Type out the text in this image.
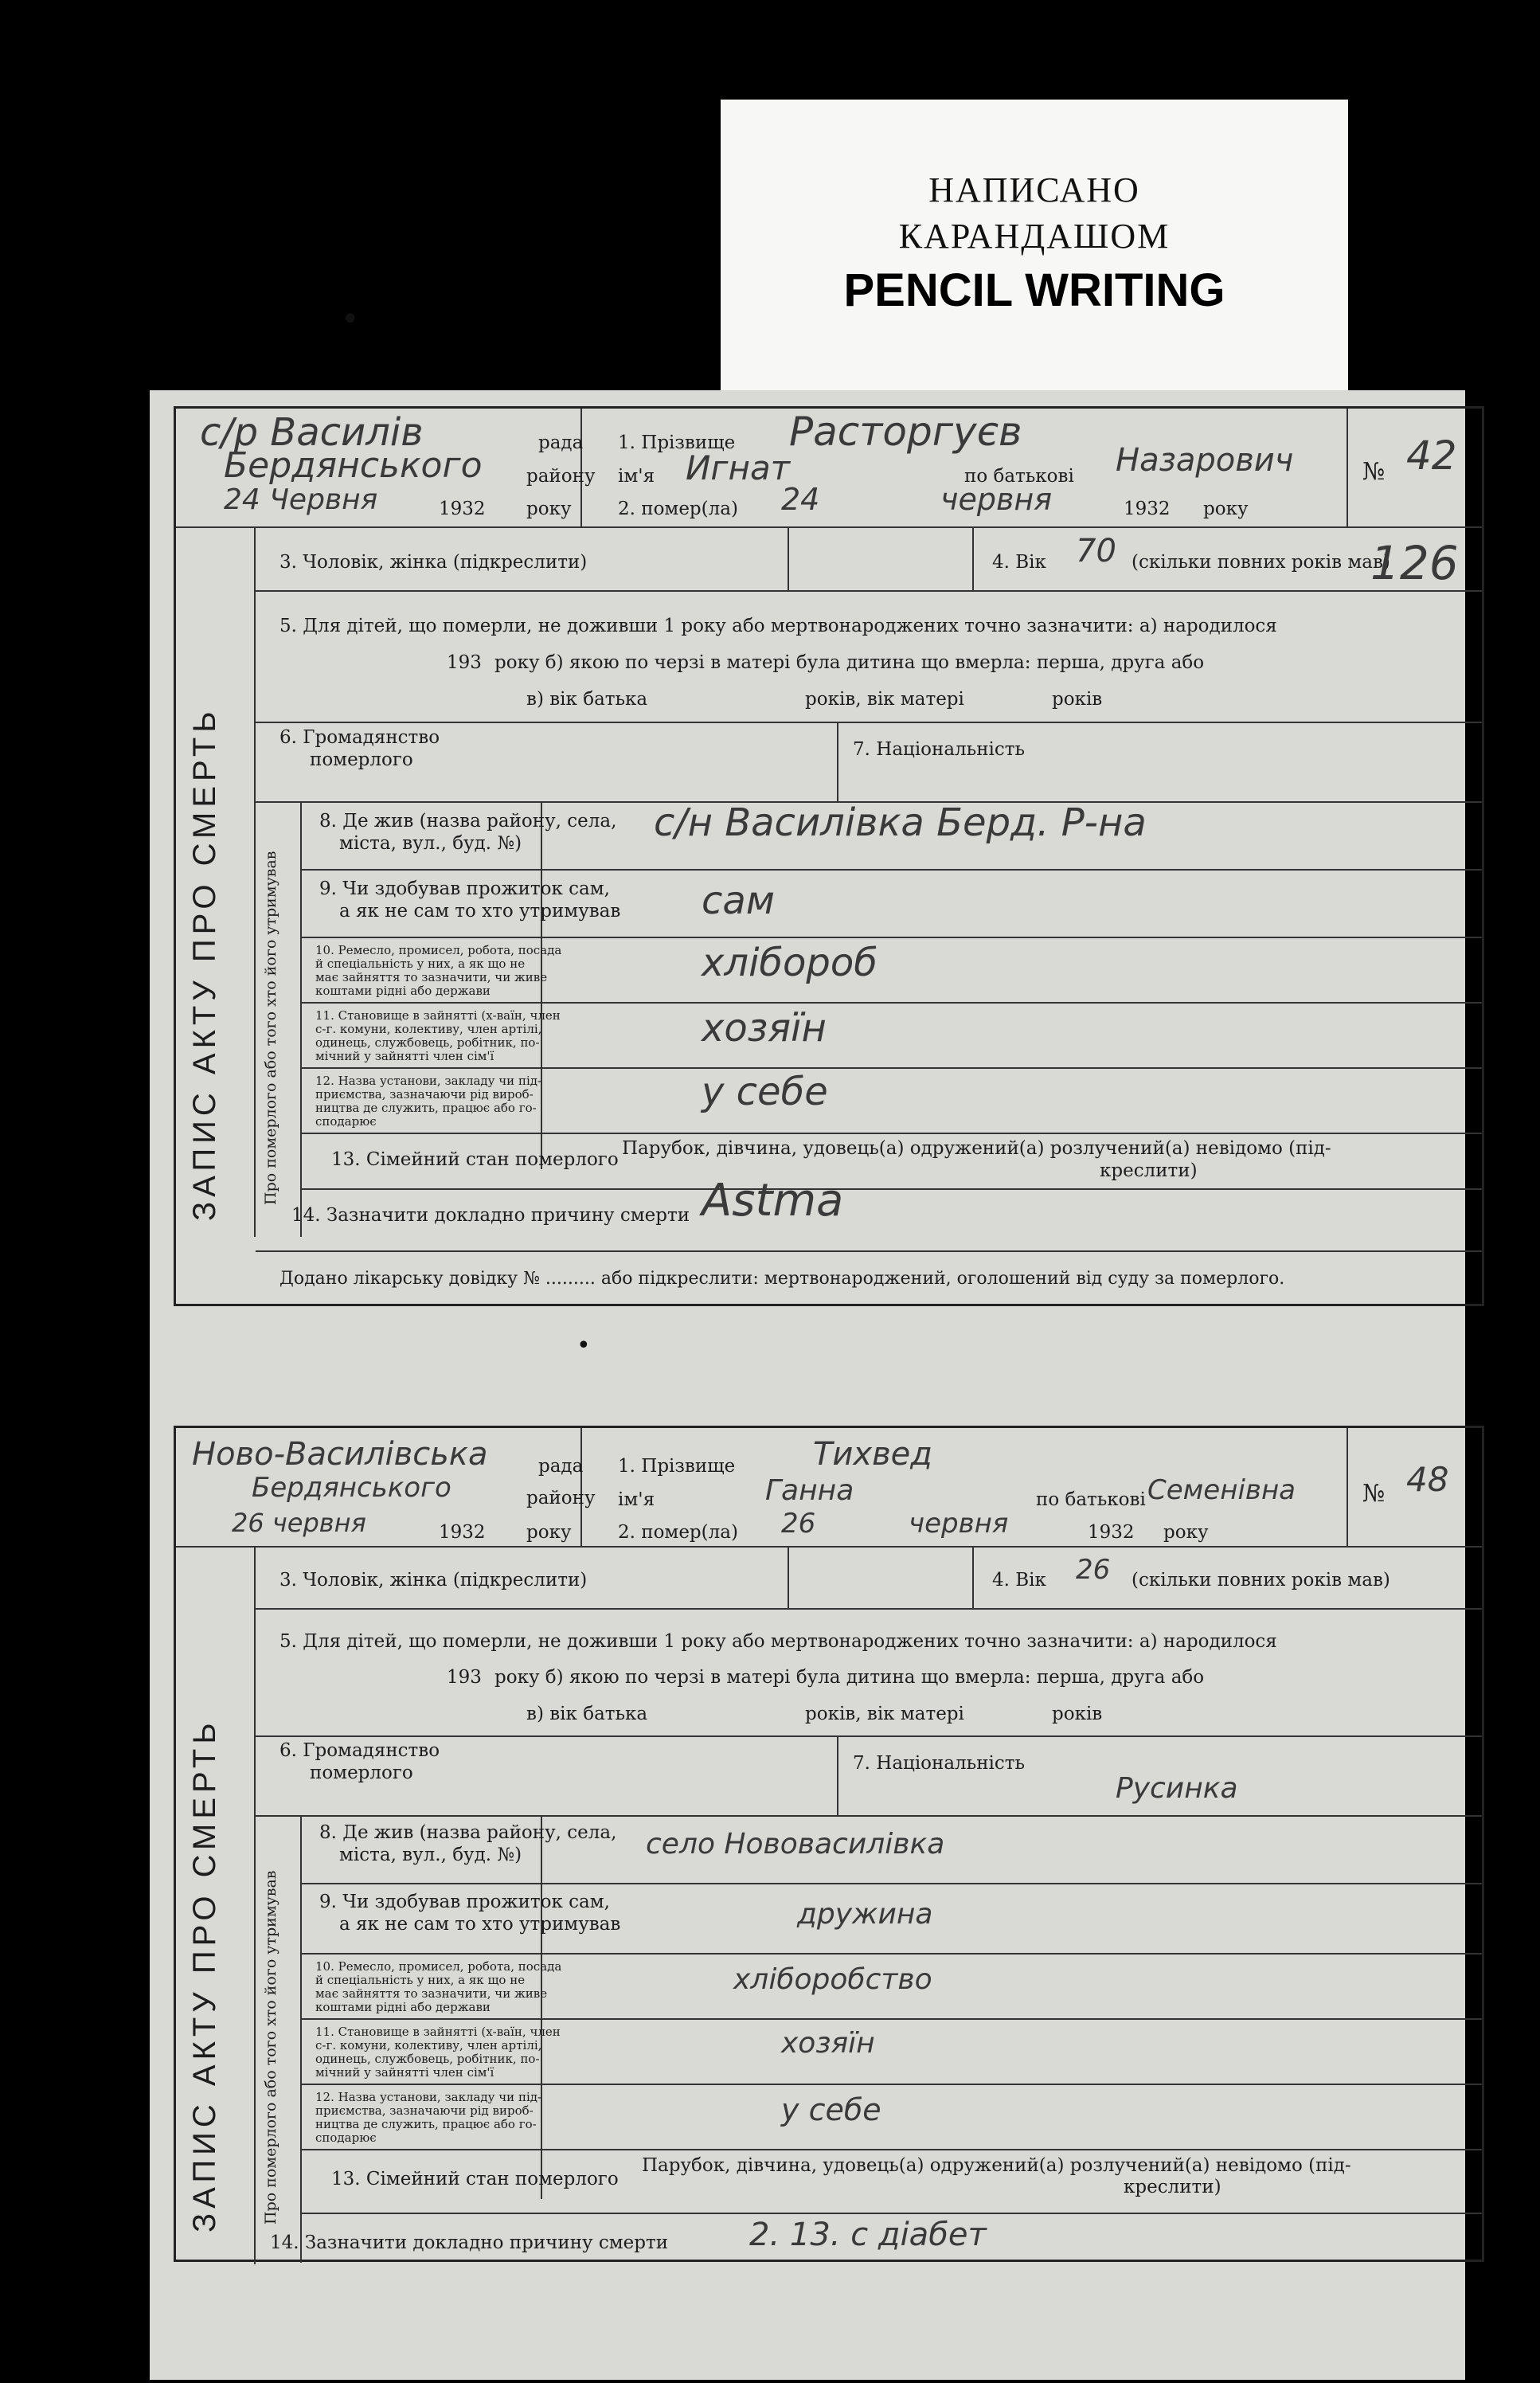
НАПИСАНО
КАРАНДАШОМ
PENCIL WRITING
•
с/р Василів	рада
Бердянського району
24 Червня	1932 року
1. Прізвище Расторгуєв
ім'я Игнат	по батькові Назарович
2. помер(ла) 24	червня	1932 року
№ 42
3. Чоловік, жінка (підкреслити)	4. Вік 70 (скільки повних років мав)
126
5. Для дітей, що померли, не доживши 1 року або мертвонароджених точно зазначити: а) народилося
193 року б) якою по черзі в матері була дитина що вмерла: перша, друга або
в) вік батька	років, вік матері	років
6. Громадянство
померлого	7. Національність
ЗАПИС АКТУ ПРО СМЕРТЬ	Про померлого або того хто його утримував
8. Де жив (назва району, села,
міста, вул., буд. №)	с/н Василівка Берд. Р-на
9. Чи здобував прожиток сам,
а як не сам то хто утримував сам
10. Ремесло, промисел, робота, посада
й спеціальність у них, а як що не
має зайняття то зазначити, чи живе
коштами рідні або держави
хлібороб
11. Становище в зайнятті (х-ваїн, член
с-г. комуни, колективу, член артілі,
одинець, службовець, робітник, по-
мічний у зайнятті член сім'ї
хозяїн
12. Назва установи, закладу чи під-
приємства, зазначаючи рід вироб-
ництва де служить, працює або го-
сподарює
у себе
13. Сімейний стан померлого
Парубок, дівчина, удовець(а) одружений(а) розлучений(а) невідомо (під-
креслити)
14. Зазначити докладно причину смерти Astma
Додано лікарську довідку № ......... або підкреслити: мертвонароджений, оголошений від суду за померлого.
•
Ново-Василівська	рада
Бердянського	району
26 червня	1932 року
1. Прізвище Тихвед
ім'я	Ганна	по батькові Семенівна
2. помер(ла) 26	червня	1932 року
№ 48
3. Чоловік, жінка (підкреслити)	4. Вік 26 (скільки повних років мав)
5. Для дітей, що померли, не доживши 1 року або мертвонароджених точно зазначити: а) народилося
193 року б) якою по черзі в матері була дитина що вмерла: перша, друга або
в) вік батька	років, вік матері	років
6. Громадянство
померлого	7. Національність
Русинка
ЗАПИС АКТУ ПРО СМЕРТЬ	Про померлого або того хто його утримував
8. Де жив (назва району, села,
міста, вул., буд. №)	село Нововасилівка
9. Чи здобував прожиток сам,
а як не сам то хто утримував	дружина
10. Ремесло, промисел, робота, посада
й спеціальність у них, а як що не
має зайняття то зазначити, чи живе
коштами рідні або держави
хліборобство
11. Становище в зайнятті (х-ваїн, член
с-г. комуни, колективу, член артілі,
одинець, службовець, робітник, по-
мічний у зайнятті член сім'ї
хозяїн
12. Назва установи, закладу чи під-
приємства, зазначаючи рід вироб-
ництва де служить, працює або го-
сподарює
у себе
13. Сімейний стан померлого
Парубок, дівчина, удовець(а) одружений(а) розлучений(а) невідомо (під-
креслити)
14. Зазначити докладно причину смерти	2. 13. с діабет
